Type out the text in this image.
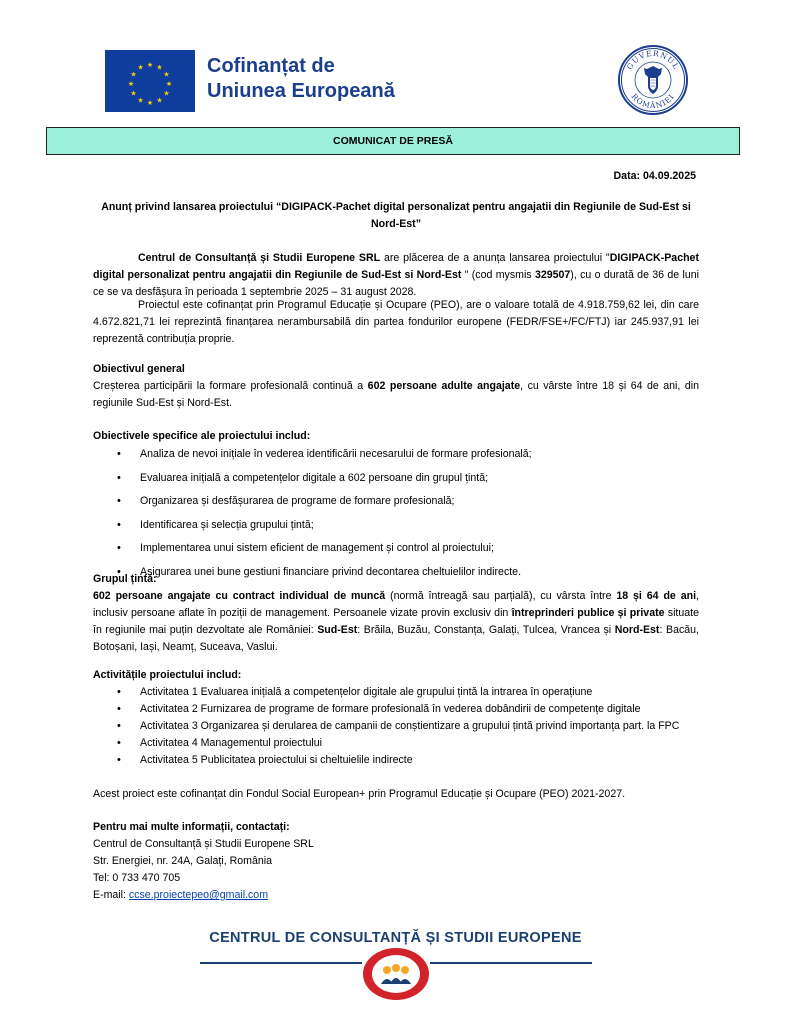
★ ★
★
★
★
★
★
★
★
★
★
★	Cofinanțat de
Uniunea Europeană
GUVERNUL
ROMÂNIEI
COMUNICAT DE PRESĂ
Data: 04.09.2025
Anunț privind lansarea proiectului “DIGIPACK-Pachet digital personalizat pentru angajatii din Regiunile de Sud-Est si Nord-Est”
Centrul de Consultanță și Studii Europene SRL are plăcerea de a anunța lansarea proiectului "DIGIPACK-Pachet digital personalizat pentru angajatii din Regiunile de Sud-Est si Nord-Est " (cod mysmis 329507), cu o durată de 36 de luni ce se va desfășura în perioada 1 septembrie 2025 – 31 august 2028.
Proiectul este cofinanțat prin Programul Educație și Ocupare (PEO), are o valoare totală de 4.918.759,62 lei, din care 4.672.821,71 lei reprezintă finanțarea nerambursabilă din partea fondurilor europene (FEDR/FSE+/FC/FTJ) iar 245.937,91 lei reprezentă contribuția proprie.
Obiectivul general
Creșterea participării la formare profesională continuă a 602 persoane adulte angajate, cu vârste între 18 și 64 de ani, din regiunile Sud-Est și Nord-Est.
Obiectivele specifice ale proiectului includ:
• Analiza de nevoi inițiale în vederea identificării necesarului de formare profesională;
• Evaluarea inițială a competențelor digitale a 602 persoane din grupul țintă;
• Organizarea și desfășurarea de programe de formare profesională;
• Identificarea și selecția grupului țintă;
• Implementarea unui sistem eficient de management și control al proiectului;
• Asigurarea unei bune gestiuni financiare privind decontarea cheltuielilor indirecte.
Grupul țintă:
602 persoane angajate cu contract individual de muncă (normă întreagă sau parțială), cu vârsta între 18 și 64 de ani, inclusiv persoane aflate în poziții de management. Persoanele vizate provin exclusiv din întreprinderi publice și private situate în regiunile mai puțin dezvoltate ale României: Sud-Est: Brăila, Buzău, Constanța, Galați, Tulcea, Vrancea și Nord-Est: Bacău, Botoșani, Iași, Neamț, Suceava, Vaslui.
Activitățile proiectului includ:
• Activitatea 1 Evaluarea inițială a competențelor digitale ale grupului țintă la intrarea în operațiune
• Activitatea 2 Furnizarea de programe de formare profesională în vederea dobândirii de competențe digitale
• Activitatea 3 Organizarea și derularea de campanii de conștientizare a grupului țintă privind importanța part. la FPC
• Activitatea 4 Managementul proiectului
• Activitatea 5 Publicitatea proiectului si cheltuielile indirecte
Acest proiect este cofinanțat din Fondul Social European+ prin Programul Educație și Ocupare (PEO) 2021-2027.
Pentru mai multe informații, contactați:
Centrul de Consultanță și Studii Europene SRL
Str. Energiei, nr. 24A, Galați, România
Tel: 0 733 470 705
E-mail: ccse.proiectepeo@gmail.com
CENTRUL DE CONSULTANȚĂ ȘI STUDII EUROPENE
